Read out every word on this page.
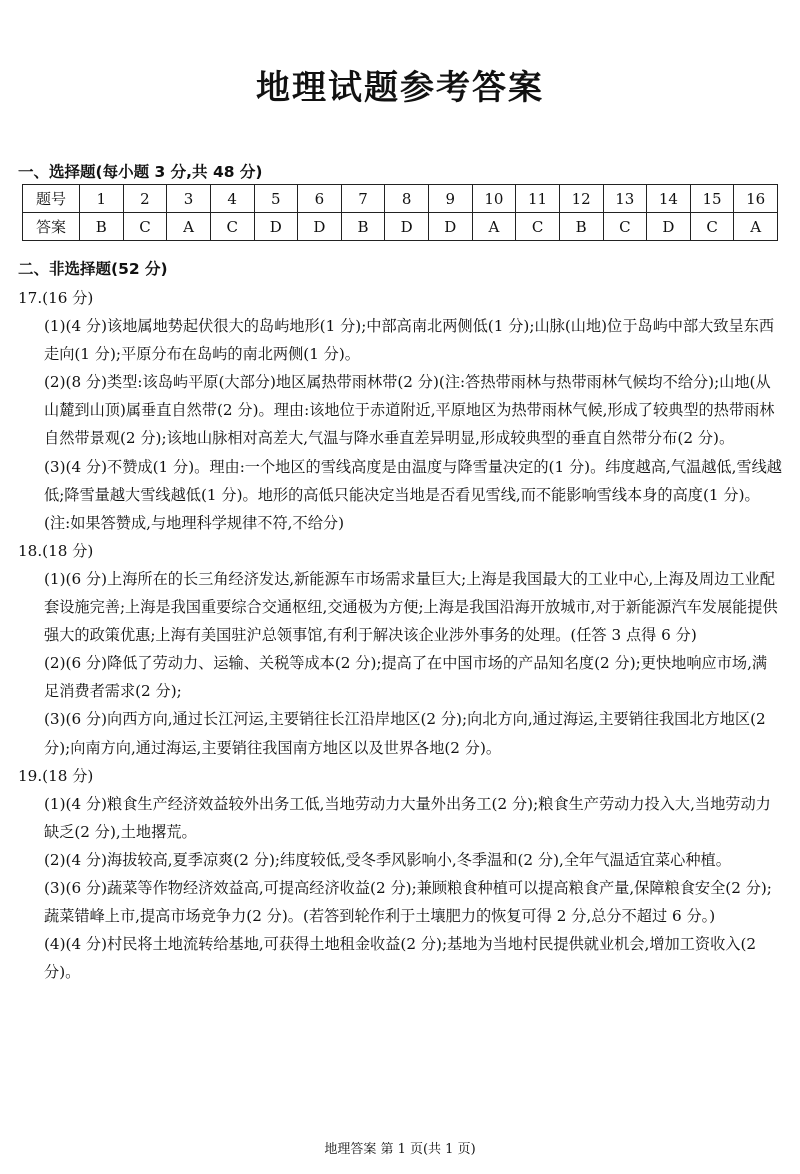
地理试题参考答案
一、选择题(每小题 3 分,共 48 分)
题号	1	2	3	4	5	6	7	8	9	10	11	12	13	14	15	16
答案	B	C	A	C	D	D	B	D	D	A	C	B	C	D	C	A
二、非选择题(52 分)
17.(16 分)
(1)(4 分)该地属地势起伏很大的岛屿地形(1 分);中部高南北两侧低(1 分);山脉(山地)位于岛屿中部大致呈东西走向(1 分);平原分布在岛屿的南北两侧(1 分)。
(2)(8 分)类型:该岛屿平原(大部分)地区属热带雨林带(2 分)(注:答热带雨林与热带雨林气候均不给分);山地(从山麓到山顶)属垂直自然带(2 分)。理由:该地位于赤道附近,平原地区为热带雨林气候,形成了较典型的热带雨林自然带景观(2 分);该地山脉相对高差大,气温与降水垂直差异明显,形成较典型的垂直自然带分布(2 分)。
(3)(4 分)不赞成(1 分)。理由:一个地区的雪线高度是由温度与降雪量决定的(1 分)。纬度越高,气温越低,雪线越低;降雪量越大雪线越低(1 分)。地形的高低只能决定当地是否看见雪线,而不能影响雪线本身的高度(1 分)。(注:如果答赞成,与地理科学规律不符,不给分)
18.(18 分)
(1)(6 分)上海所在的长三角经济发达,新能源车市场需求量巨大;上海是我国最大的工业中心,上海及周边工业配套设施完善;上海是我国重要综合交通枢纽,交通极为方便;上海是我国沿海开放城市,对于新能源汽车发展能提供强大的政策优惠;上海有美国驻沪总领事馆,有利于解决该企业涉外事务的处理。(任答 3 点得 6 分)
(2)(6 分)降低了劳动力、运输、关税等成本(2 分);提高了在中国市场的产品知名度(2 分);更快地响应市场,满足消费者需求(2 分);
(3)(6 分)向西方向,通过长江河运,主要销往长江沿岸地区(2 分);向北方向,通过海运,主要销往我国北方地区(2 分);向南方向,通过海运,主要销往我国南方地区以及世界各地(2 分)。
19.(18 分)
(1)(4 分)粮食生产经济效益较外出务工低,当地劳动力大量外出务工(2 分);粮食生产劳动力投入大,当地劳动力缺乏(2 分),土地撂荒。
(2)(4 分)海拔较高,夏季凉爽(2 分);纬度较低,受冬季风影响小,冬季温和(2 分),全年气温适宜菜心种植。
(3)(6 分)蔬菜等作物经济效益高,可提高经济收益(2 分);兼顾粮食种植可以提高粮食产量,保障粮食安全(2 分);蔬菜错峰上市,提高市场竞争力(2 分)。(若答到轮作利于土壤肥力的恢复可得 2 分,总分不超过 6 分。)
(4)(4 分)村民将土地流转给基地,可获得土地租金收益(2 分);基地为当地村民提供就业机会,增加工资收入(2 分)。
地理答案 第 1 页(共 1 页)
